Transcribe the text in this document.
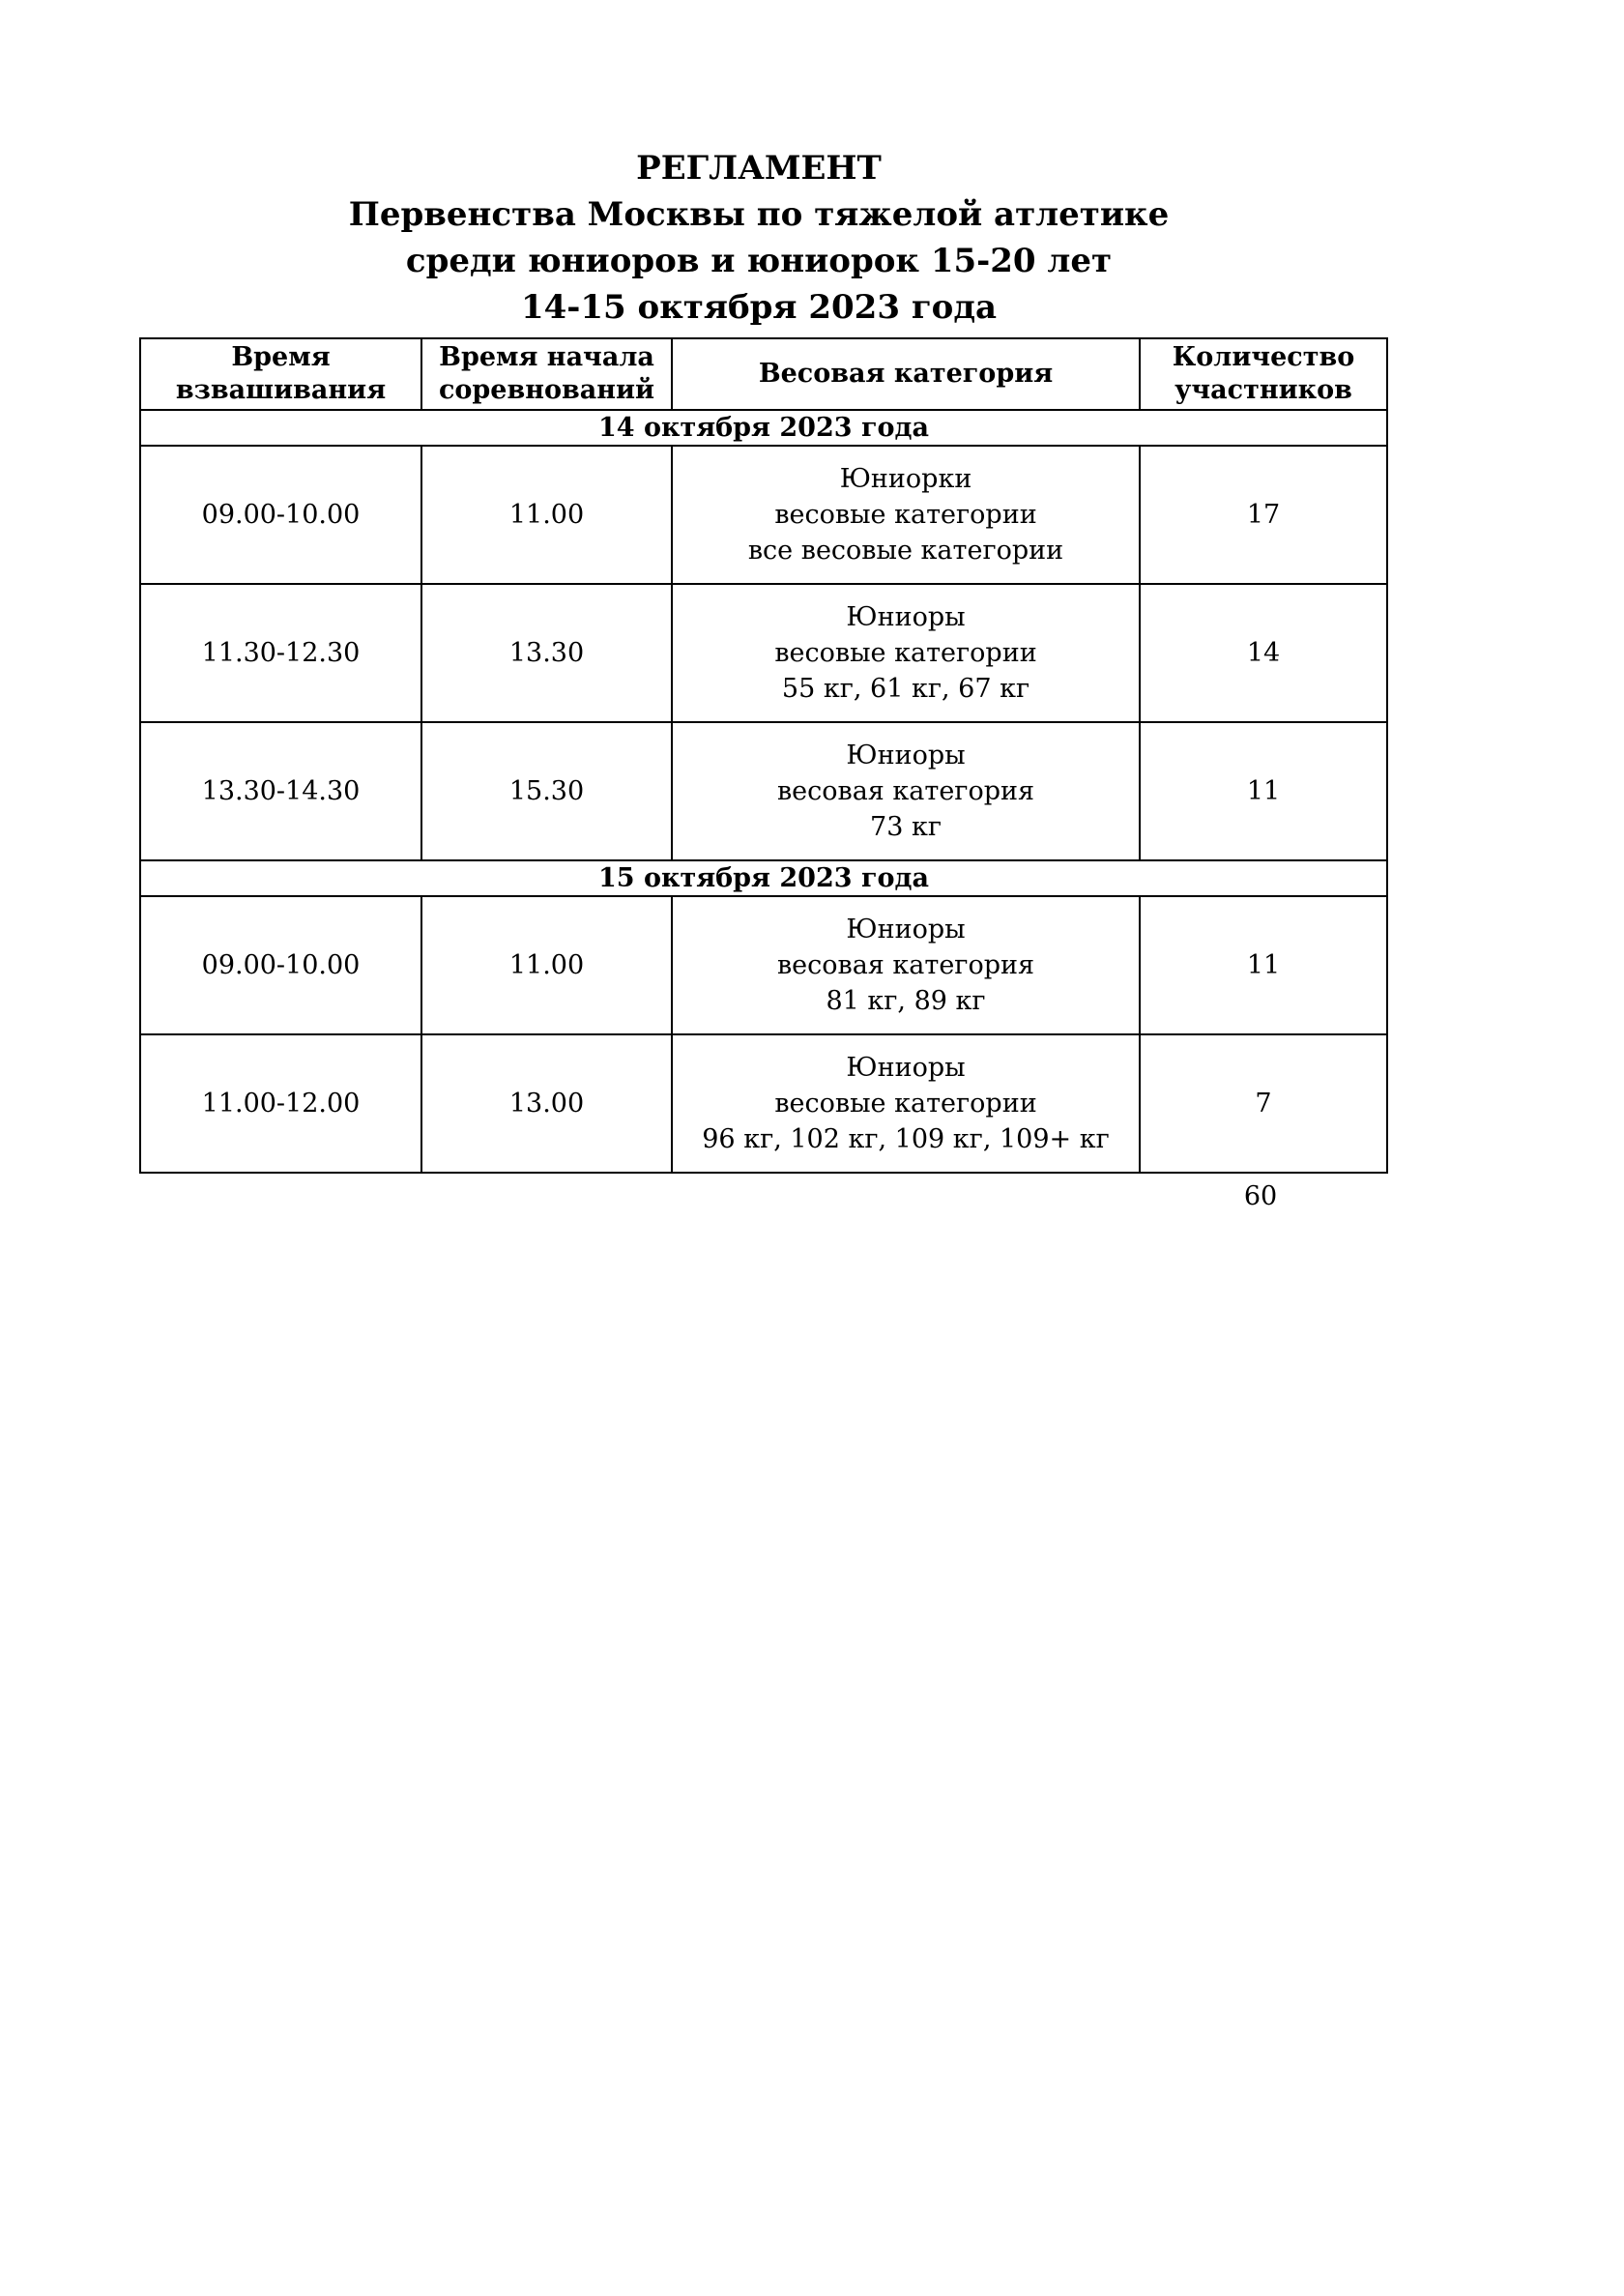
РЕГЛАМЕНТ
Первенства Москвы по тяжелой атлетике
среди юниоров и юниорок 15-20 лет
14-15 октября 2023 года
Время
взвашивания	Время начала
соревнований	Весовая категория	Количество
участников

14 октября 2023 года			
09.00-10.00	11.00	Юниорки
весовые категории
все весовые категории	17
11.30-12.30	13.30	Юниоры
весовые категории
55 кг, 61 кг, 67 кг	14
13.30-14.30	15.30	Юниоры
весовая категория
73 кг	11
15 октября 2023 года			
09.00-10.00	11.00	Юниоры
весовая категория
81 кг, 89 кг	11
11.00-12.00	13.00	Юниоры
весовые категории
96 кг, 102 кг, 109 кг, 109+ кг	7
60
